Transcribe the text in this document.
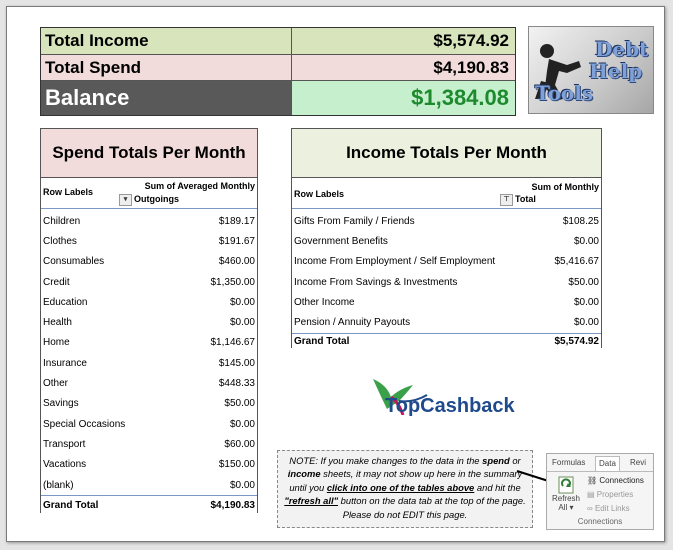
Total Income	$5,574.92
Total Spend	$4,190.83
Balance	$1,384.08
Debt
Help
Tools
Spend Totals Per Month
Row Labels
Sum of Averaged Monthly
▾ Outgoings
Children	$189.17
Clothes	$191.67
Consumables	$460.00
Credit	$1,350.00
Education	$0.00
Health	$0.00
Home	$1,146.67
Insurance	$145.00
Other	$448.33
Savings	$50.00
Special Occasions	$0.00
Transport	$60.00
Vacations	$150.00
(blank)	$0.00
Grand Total	$4,190.83
Income Totals Per Month
Row Labels
Sum of Monthly
⊤ Total
Gifts From Family / Friends	$108.25
Government Benefits	$0.00
Income From Employment / Self Employment	$5,416.67
Income From Savings & Investments	$50.00
Other Income	$0.00
Pension / Annuity Payouts	$0.00
Grand Total	$5,574.92
TopCashback
NOTE: If you make changes to the data in the spend or income sheets, it may not show up here in the summary until you click into one of the tables above and hit the "refresh all" button on the data tab at the top of the page. Please do not EDIT this page.
Formulas	Data	Revi
Refresh
All ▾
⛓ Connections
▤ Properties
∞ Edit Links
Connections
